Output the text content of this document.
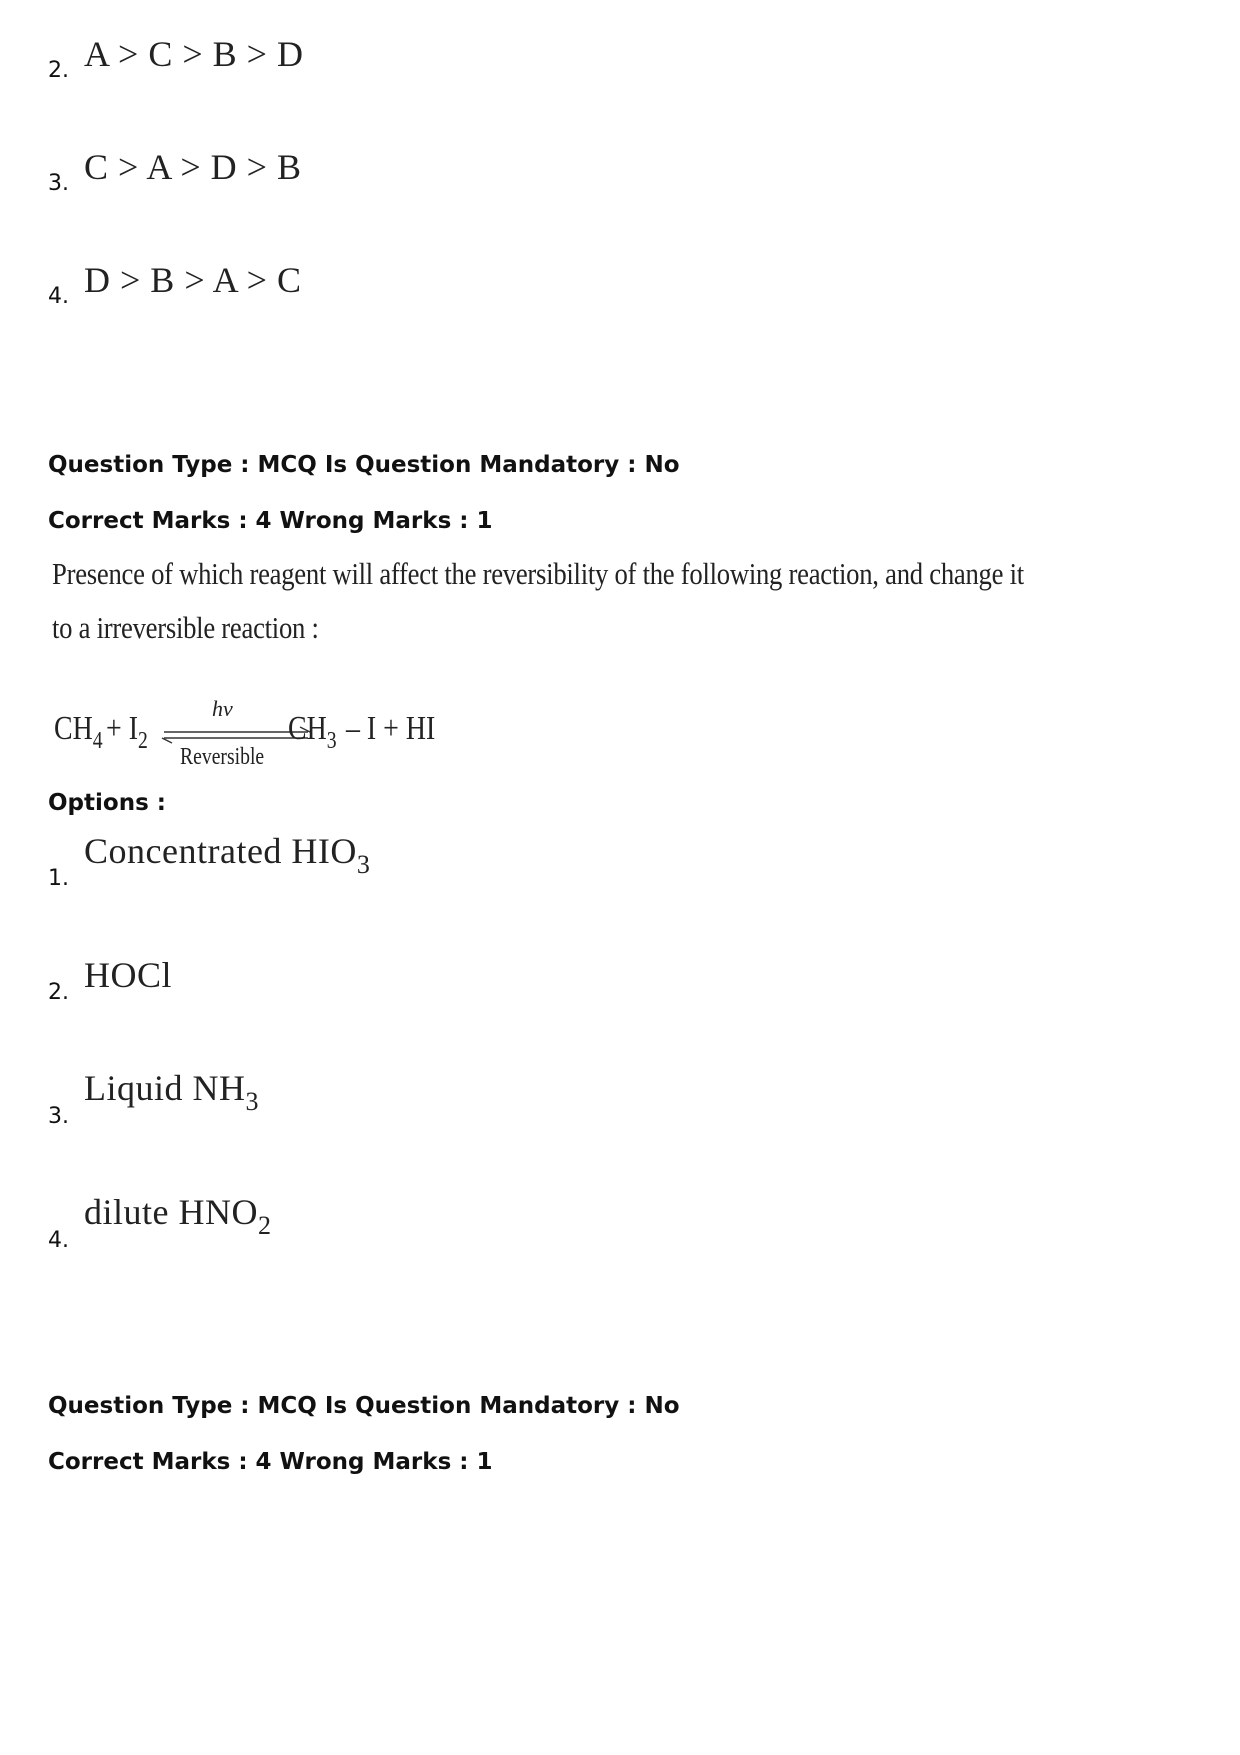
2. A > C > B > D
3. C > A > D > B
4. D > B > A > C
Question Type : MCQ Is Question Mandatory : No
Correct Marks : 4 Wrong Marks : 1
Presence of which reagent will affect the reversibility of the following reaction, and change it
to a irreversible reaction :
$CH_4 + I_2$
hν
Reversible
$CH_3$ – I + HI
Options :
1.
Concentrated $HIO_3$
2. HOCl
3.
Liquid $NH_3$
4.
dilute $HNO_2$
Question Type : MCQ Is Question Mandatory : No
Correct Marks : 4 Wrong Marks : 1
